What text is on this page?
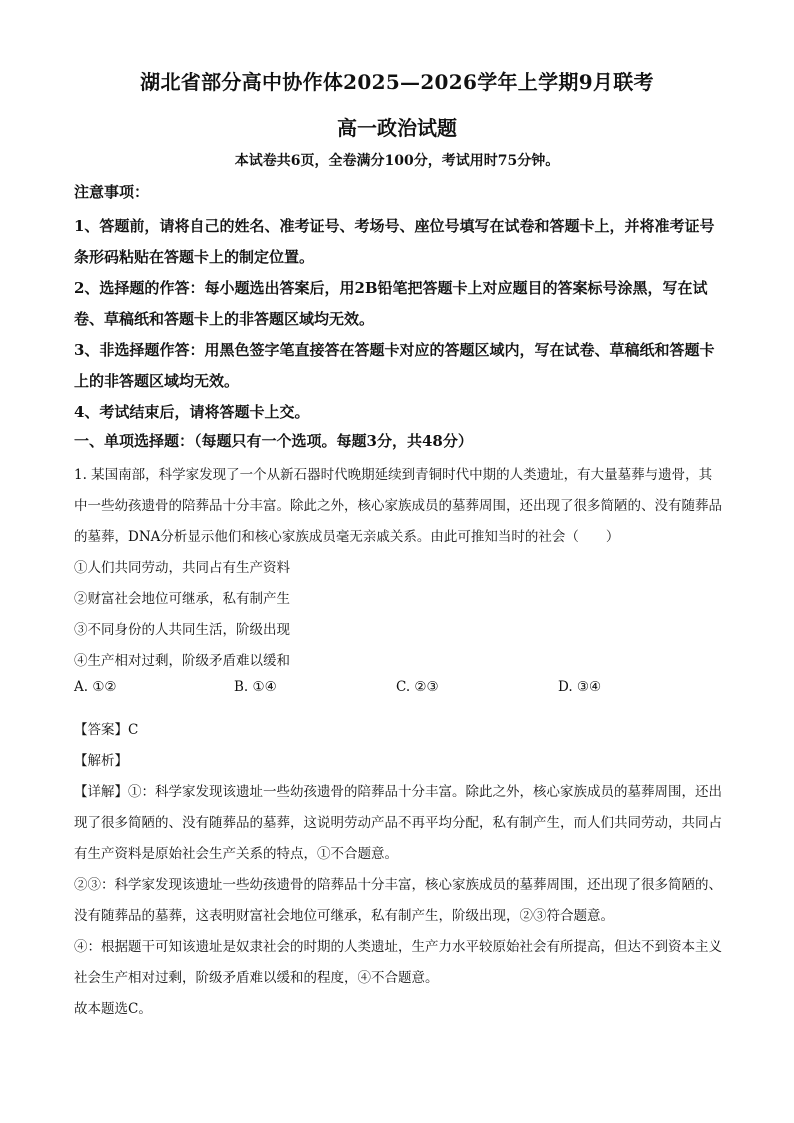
湖北省部分高中协作体2025—2026学年上学期9月联考
高一政治试题
本试卷共6页，全卷满分100分，考试用时75分钟。

注意事项：

1、答题前，请将自己的姓名、准考证号、考场号、座位号填写在试卷和答题卡上，并将准考证号条形码粘贴在答题卡上的制定位置。

2、选择题的作答：每小题选出答案后，用2B铅笔把答题卡上对应题目的答案标号涂黑，写在试卷、草稿纸和答题卡上的非答题区域均无效。

3、非选择题作答：用黑色签字笔直接答在答题卡对应的答题区域内，写在试卷、草稿纸和答题卡上的非答题区域均无效。

4、考试结束后，请将答题卡上交。

一、单项选择题：（每题只有一个选项。每题3分，共48分）

1. 某国南部，科学家发现了一个从新石器时代晚期延续到青铜时代中期的人类遗址，有大量墓葬与遗骨，其中一些幼孩遗骨的陪葬品十分丰富。除此之外，核心家族成员的墓葬周围，还出现了很多简陋的、没有随葬品的墓葬，DNA分析显示他们和核心家族成员毫无亲戚关系。由此可推知当时的社会（　　）

①人们共同劳动，共同占有生产资料

②财富社会地位可继承，私有制产生

③不同身份的人共同生活，阶级出现

④生产相对过剩，阶级矛盾难以缓和

A. ①②	B. ①④	C. ②③	D. ③④

【答案】C

【解析】

【详解】①：科学家发现该遗址一些幼孩遗骨的陪葬品十分丰富。除此之外，核心家族成员的墓葬周围，还出现了很多简陋的、没有随葬品的墓葬，这说明劳动产品不再平均分配，私有制产生，而人们共同劳动，共同占有生产资料是原始社会生产关系的特点，①不合题意。

②③：科学家发现该遗址一些幼孩遗骨的陪葬品十分丰富，核心家族成员的墓葬周围，还出现了很多简陋的、没有随葬品的墓葬，这表明财富社会地位可继承，私有制产生，阶级出现，②③符合题意。

④：根据题干可知该遗址是奴隶社会的时期的人类遗址，生产力水平较原始社会有所提高，但达不到资本主义社会生产相对过剩，阶级矛盾难以缓和的程度，④不合题意。

故本题选C。
